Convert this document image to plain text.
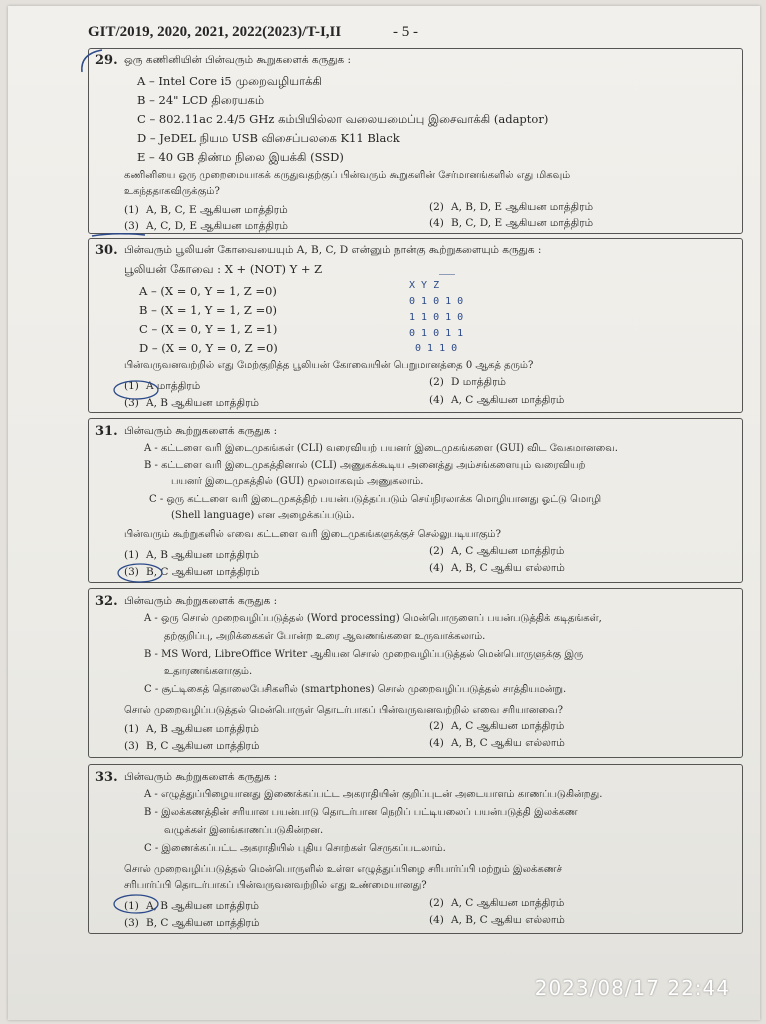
GIT/2019, 2020, 2021, 2022(2023)/T-I,II	- 5 -
29. ஒரு கணினியின் பின்வரும் கூறுகளைக் கருதுக :
A – Intel Core i5 முறைவழியாக்கி
B – 24" LCD திரையகம்
C – 802.11ac 2.4/5 GHz கம்பியில்லா வலையமைப்பு இசைவாக்கி (adaptor)
D – JeDEL நியம USB விசைப்பலகை K11 Black
E – 40 GB திண்ம நிலை இயக்கி (SSD)
கணினியை ஒரு முறைமையாகக் கருதுவதற்குப் பின்வரும் கூறுகளின் சேர்மானங்களில் எது மிகவும்
உகந்ததாகவிருக்கும்?
(1) A, B, C, E ஆகியன மாத்திரம்	(2) A, B, D, E ஆகியன மாத்திரம்
(3) A, C, D, E ஆகியன மாத்திரம்	(4) B, C, D, E ஆகியன மாத்திரம்
30. பின்வரும் பூலியன் கோவையையும் A, B, C, D என்னும் நான்கு கூற்றுகளையும் கருதுக :
பூலியன் கோவை : X + (NOT) Y + Z
A – (X = 0, Y = 1, Z =0)
B – (X = 1, Y = 1, Z =0)
C – (X = 0, Y = 1, Z =1)
D – (X = 0, Y = 0, Z =0)
X Y Z
0 1 0 1 0
1 1 0 1 0
0 1 0 1 1
0 1 1 0
பின்வருவனவற்றில் எது மேற்குறித்த பூலியன் கோவையின் பெறுமானத்தை 0 ஆகத் தரும்?
(1) A மாத்திரம்	(2) D மாத்திரம்
(3) A, B ஆகியன மாத்திரம்	(4) A, C ஆகியன மாத்திரம்
31. பின்வரும் கூற்றுகளைக் கருதுக :
A - கட்டளை வரி இடைமுகங்கள் (CLI) வரைவியற் பயனர் இடைமுகங்களை (GUI) விட வேகமானவை.
B - கட்டளை வரி இடைமுகத்தினால் (CLI) அணுகக்கூடிய அனைத்து அம்சங்களையும் வரைவியற்
பயனர் இடைமுகத்தில் (GUI) மூலமாகவும் அணுகலாம்.
C - ஒரு கட்டளை வரி இடைமுகத்திற் பயன்படுத்தப்படும் செய்நிரலாக்க மொழியானது ஓட்டு மொழி
(Shell language) என அழைக்கப்படும்.
பின்வரும் கூற்றுகளில் எவை கட்டளை வரி இடைமுகங்களுக்குச் செல்லுபடியாகும்?
(1) A, B ஆகியன மாத்திரம்	(2) A, C ஆகியன மாத்திரம்
(3) B, C ஆகியன மாத்திரம்	(4) A, B, C ஆகிய எல்லாம்
32. பின்வரும் கூற்றுகளைக் கருதுக :
A - ஒரு சொல் முறைவழிப்படுத்தல் (Word processing) மென்பொருளைப் பயன்படுத்திக் கடிதங்கள்,
தற்குறிப்பு, அறிக்கைகள் போன்ற உரை ஆவணங்களை உருவாக்கலாம்.
B - MS Word, LibreOffice Writer ஆகியன சொல் முறைவழிப்படுத்தல் மென்பொருளுக்கு இரு
உதாரணங்களாகும்.
C - சூட்டிகைத் தொலைபேசிகளில் (smartphones) சொல் முறைவழிப்படுத்தல் சாத்தியமன்று.
சொல் முறைவழிப்படுத்தல் மென்பொருள் தொடர்பாகப் பின்வருவனவற்றில் எவை சரியானவை?
(1) A, B ஆகியன மாத்திரம்	(2) A, C ஆகியன மாத்திரம்
(3) B, C ஆகியன மாத்திரம்	(4) A, B, C ஆகிய எல்லாம்
33. பின்வரும் கூற்றுகளைக் கருதுக :
A - எழுத்துப்பிழையானது இணைக்கப்பட்ட அகராதியின் குறிப்புடன் அடையாளம் காணப்படுகின்றது.
B - இலக்கணத்தின் சரியான பயன்பாடு தொடர்பான நெறிப் பட்டியலைப் பயன்படுத்தி இலக்கண
வழுக்கள் இனங்காணப்படுகின்றன.
C - இணைக்கப்பட்ட அகராதியில் புதிய சொற்கள் செருகப்படலாம்.
சொல் முறைவழிப்படுத்தல் மென்பொருளில் உள்ள எழுத்துப்பிழை சரிபார்ப்பி மற்றும் இலக்கணச்
சரிபார்ப்பி தொடர்பாகப் பின்வருவனவற்றில் எது உண்மையானது?
(1) A, B ஆகியன மாத்திரம்	(2) A, C ஆகியன மாத்திரம்
(3) B, C ஆகியன மாத்திரம்	(4) A, B, C ஆகிய எல்லாம்
2023/08/17 22:44
